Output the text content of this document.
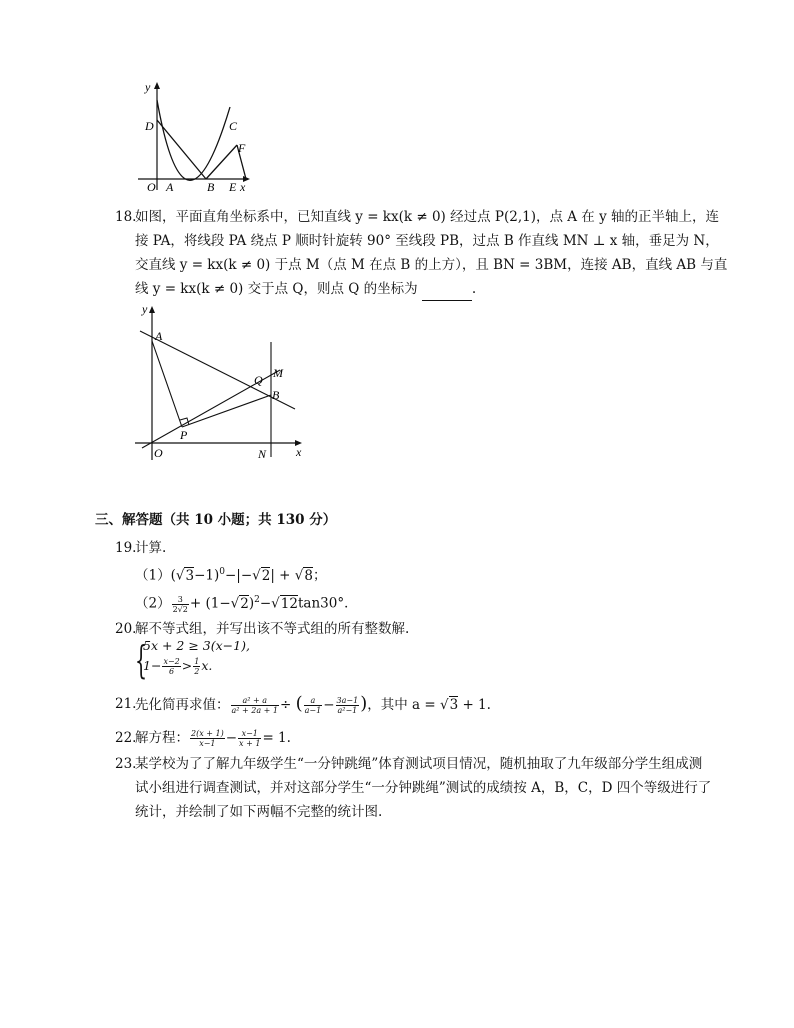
y
D	C
F
O A	B E x
18.
如图，平面直角坐标系中，已知直线 y = kx(k ≠ 0) 经过点 P(2,1)，点 A 在 y 轴的正半轴上，连
接 PA，将线段 PA 绕点 P 顺时针旋转 90° 至线段 PB，过点 B 作直线 MN ⊥ x 轴，垂足为 N，
交直线 y = kx(k ≠ 0) 于点 M（点 M 在点 B 的上方），且 BN = 3BM，连接 AB，直线 AB 与直
线 y = kx(k ≠ 0) 交于点 Q，则点 Q 的坐标为	.
y
A
M
Q
B
P
O	N x
三、解答题（共 10 小题；共 130 分）
19.
计算.
$(1)(√3-1)^0-|-√2| + √8$；
$(2) \frac{3}{2√2} + (1-√2)^2-√12\tan 30^\circ$．
20.
解不等式组，并写出该不等式组的所有整数解.
{
5x + 2 ≥ 3(x−1),
$1- \frac{x-2}{6} > \frac{1}{2} x$.
21.
先化简再求值： $\frac{\text{a² + a}}{\text{a² + 2a + 1}}$ ÷ ( $\frac{a}{a-1} - \frac{3a-1}{\text{a²−1}}$ )，其中 a = √3 + 1.
22.
解方程： $\frac{2(x + 1)}{x-1} - \frac{x-1}{x + 1} = 1$.
23.
某学校为了了解九年级学生“一分钟跳绳”体育测试项目情况，随机抽取了九年级部分学生组成测
试小组进行调查测试，并对这部分学生“一分钟跳绳”测试的成绩按 A，B，C，D 四个等级进行了
统计，并绘制了如下两幅不完整的统计图.
